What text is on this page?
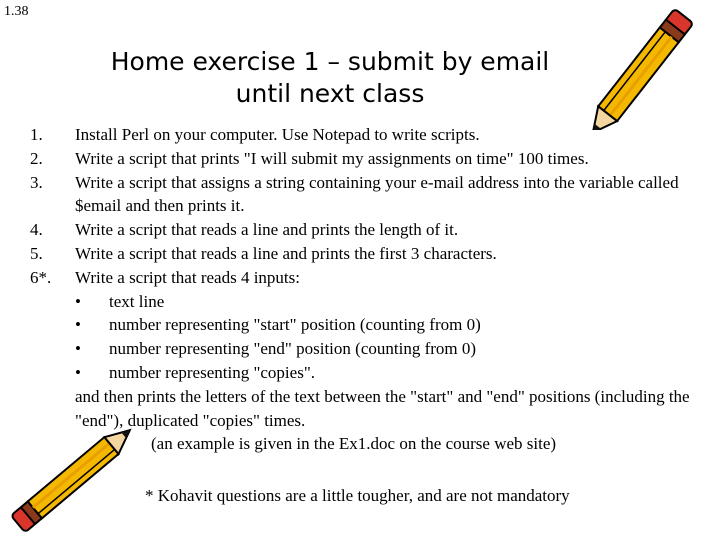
1.38
Home exercise 1 – submit by email
until next class
1.	Install Perl on your computer. Use Notepad to write scripts.
2.	Write a script that prints "I will submit my assignments on time" 100 times.
3.	Write a script that assigns a string containing your e-mail address into the variable called $email and then prints it.
4.	Write a script that reads a line and prints the length of it.
5.	Write a script that reads a line and prints the first 3 characters.
6*.	Write a script that reads 4 inputs:
•	text line
•	number representing "start" position (counting from 0)
•	number representing "end" position (counting from 0)
•	number representing "copies".
and then prints the letters of the text between the "start" and "end" positions (including the "end"), duplicated "copies" times.
(an example is given in the Ex1.doc on the course web site)
* Kohavit questions are a little tougher, and are not mandatory
